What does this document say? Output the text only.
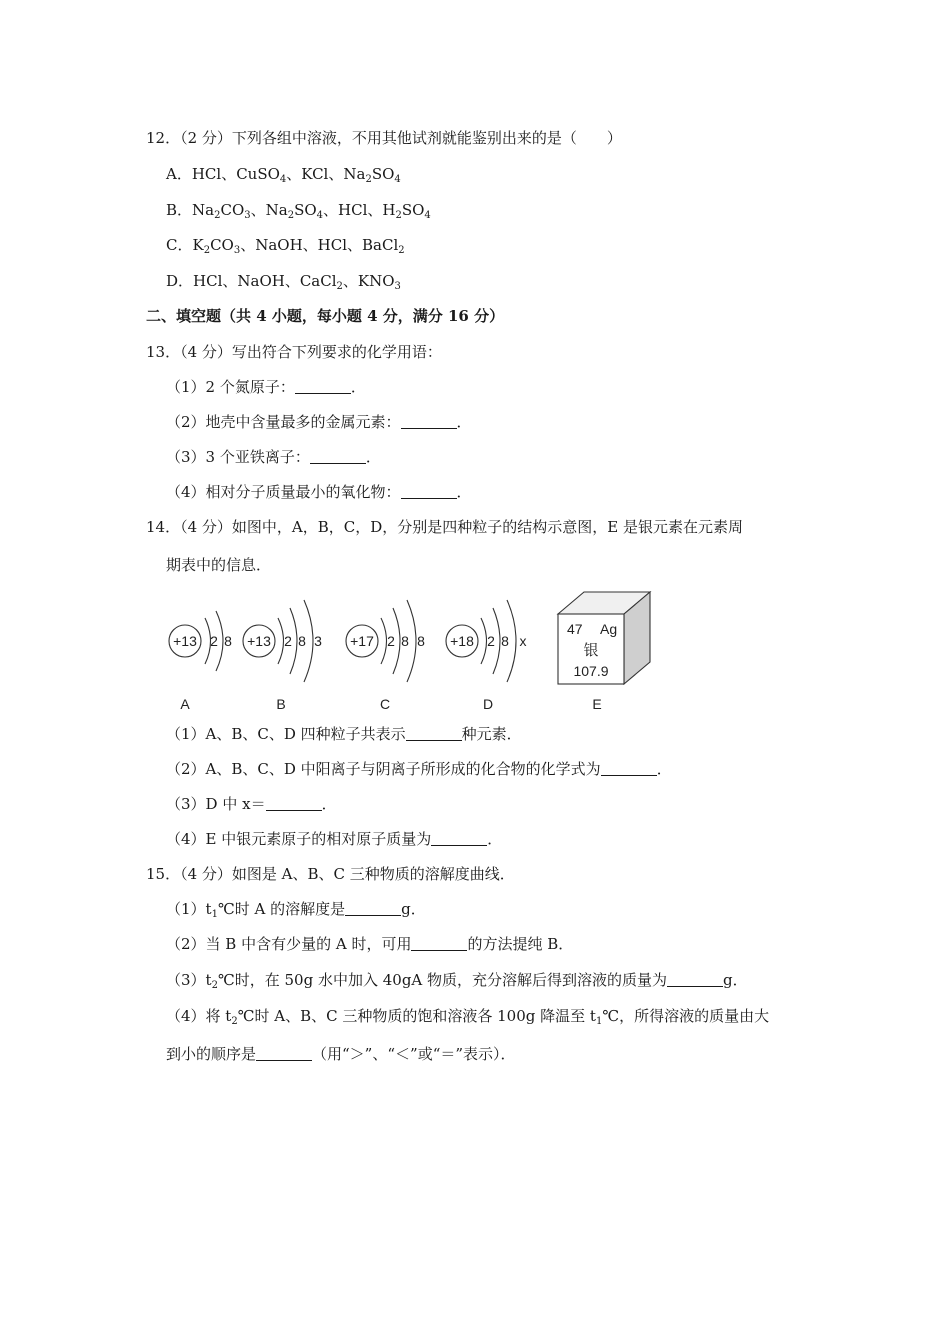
12．（2 分）下列各组中溶液，不用其他试剂就能鉴别出来的是（　　）
A．HCl、CuSO$_4$、KCl、$Na_2SO_4$
B．$Na_2CO_3$、$Na_2SO_4$、HCl、$H_2SO_4$
C．$K_2CO_3$、NaOH、HCl、BaCl$_2$
D．HCl、NaOH、CaCl$_2$、$KNO_3$
二、填空题（共 4 小题，每小题 4 分，满分 16 分）
13．（4 分）写出符合下列要求的化学用语：
（1）2 个氮原子：	．
（2）地壳中含量最多的金属元素：	．
（3）3 个亚铁离子：	．
（4）相对分子质量最小的氧化物：	．
14．（4 分）如图中，A，B，C，D，分别是四种粒子的结构示意图，E 是银元素在元素周
期表中的信息．
+13 2 8 +13 2 8 3 +17 2 8 8 +18 2 8 x
47 Ag
银
107.9
A	B	C	D	E
（1）A、B、C、D 四种粒子共表示	种元素．
（2）A、B、C、D 中阳离子与阴离子所形成的化合物的化学式为	．
（3）D 中 x＝	．
（4）E 中银元素原子的相对原子质量为	．
15．（4 分）如图是 A、B、C 三种物质的溶解度曲线．
$(1)t_1℃$时 A 的溶解度是	g．
（2）当 B 中含有少量的 A 时，可用	的方法提纯 B．
$(3)t_2℃$时，在 50g 水中加入 40gA 物质，充分溶解后得到溶液的质量为	g．
（4）将 $t_2℃$时 A、B、C 三种物质的饱和溶液各 100g 降温至 $t_1℃$，所得溶液的质量由大
到小的顺序是	（用“＞”、“＜”或“＝”表示）．
